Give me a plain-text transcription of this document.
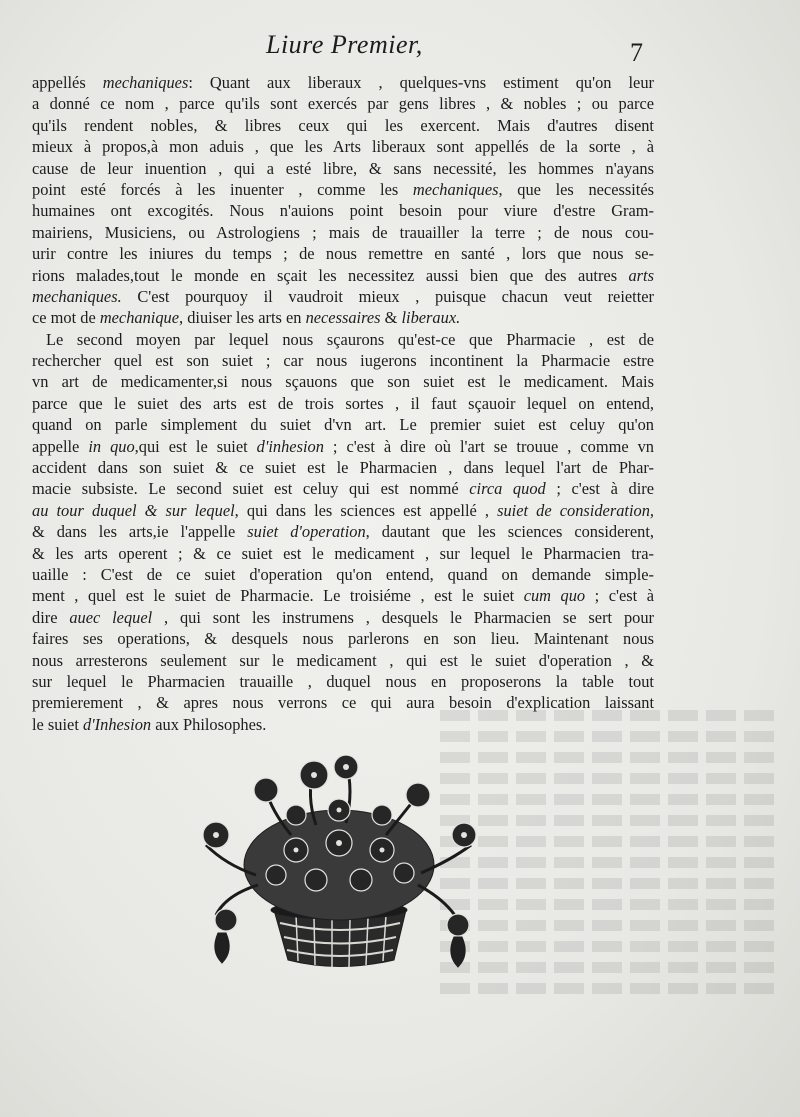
Liure Premier,	7
appellés mechaniques: Quant aux liberaux , quelques-vns estiment qu'on leur
a donné ce nom , parce qu'ils sont exercés par gens libres , & nobles ; ou parce
qu'ils rendent nobles, & libres ceux qui les exercent. Mais d'autres disent
mieux à propos,à mon aduis , que les Arts liberaux sont appellés de la sorte , à
cause de leur inuention , qui a esté libre, & sans necessité, les hommes n'ayans
point esté forcés à les inuenter , comme les mechaniques, que les necessités
humaines ont excogités. Nous n'auions point besoin pour viure d'estre Gram-
mairiens, Musiciens, ou Astrologiens ; mais de trauailler la terre ; de nous cou-
urir contre les iniures du temps ; de nous remettre en santé , lors que nous se-
rions malades,tout le monde en sçait les necessitez aussi bien que des autres arts
mechaniques. C'est pourquoy il vaudroit mieux , puisque chacun veut reietter
ce mot de mechanique, diuiser les arts en necessaires & liberaux.
Le second moyen par lequel nous sçaurons qu'est-ce que Pharmacie , est de
rechercher quel est son suiet ; car nous iugerons incontinent la Pharmacie estre
vn art de medicamenter,si nous sçauons que son suiet est le medicament. Mais
parce que le suiet des arts est de trois sortes , il faut sçauoir lequel on entend,
quand on parle simplement du suiet d'vn art. Le premier suiet est celuy qu'on
appelle in quo,qui est le suiet d'inhesion ; c'est à dire où l'art se trouue , comme vn
accident dans son suiet & ce suiet est le Pharmacien , dans lequel l'art de Phar-
macie subsiste. Le second suiet est celuy qui est nommé circa quod ; c'est à dire
au tour duquel & sur lequel, qui dans les sciences est appellé , suiet de consideration,
& dans les arts,ie l'appelle suiet d'operation, dautant que les sciences considerent,
& les arts operent ; & ce suiet est le medicament , sur lequel le Pharmacien tra-
uaille : C'est de ce suiet d'operation qu'on entend, quand on demande simple-
ment , quel est le suiet de Pharmacie. Le troisiéme , est le suiet cum quo ; c'est à
dire auec lequel , qui sont les instrumens , desquels le Pharmacien se sert pour
faires ses operations, & desquels nous parlerons en son lieu. Maintenant nous
nous arresterons seulement sur le medicament , qui est le suiet d'operation , &
sur lequel le Pharmacien trauaille , duquel nous en proposerons la table tout
premierement , & apres nous verrons ce qui aura besoin d'explication laissant
le suiet d'Inhesion aux Philosophes.
